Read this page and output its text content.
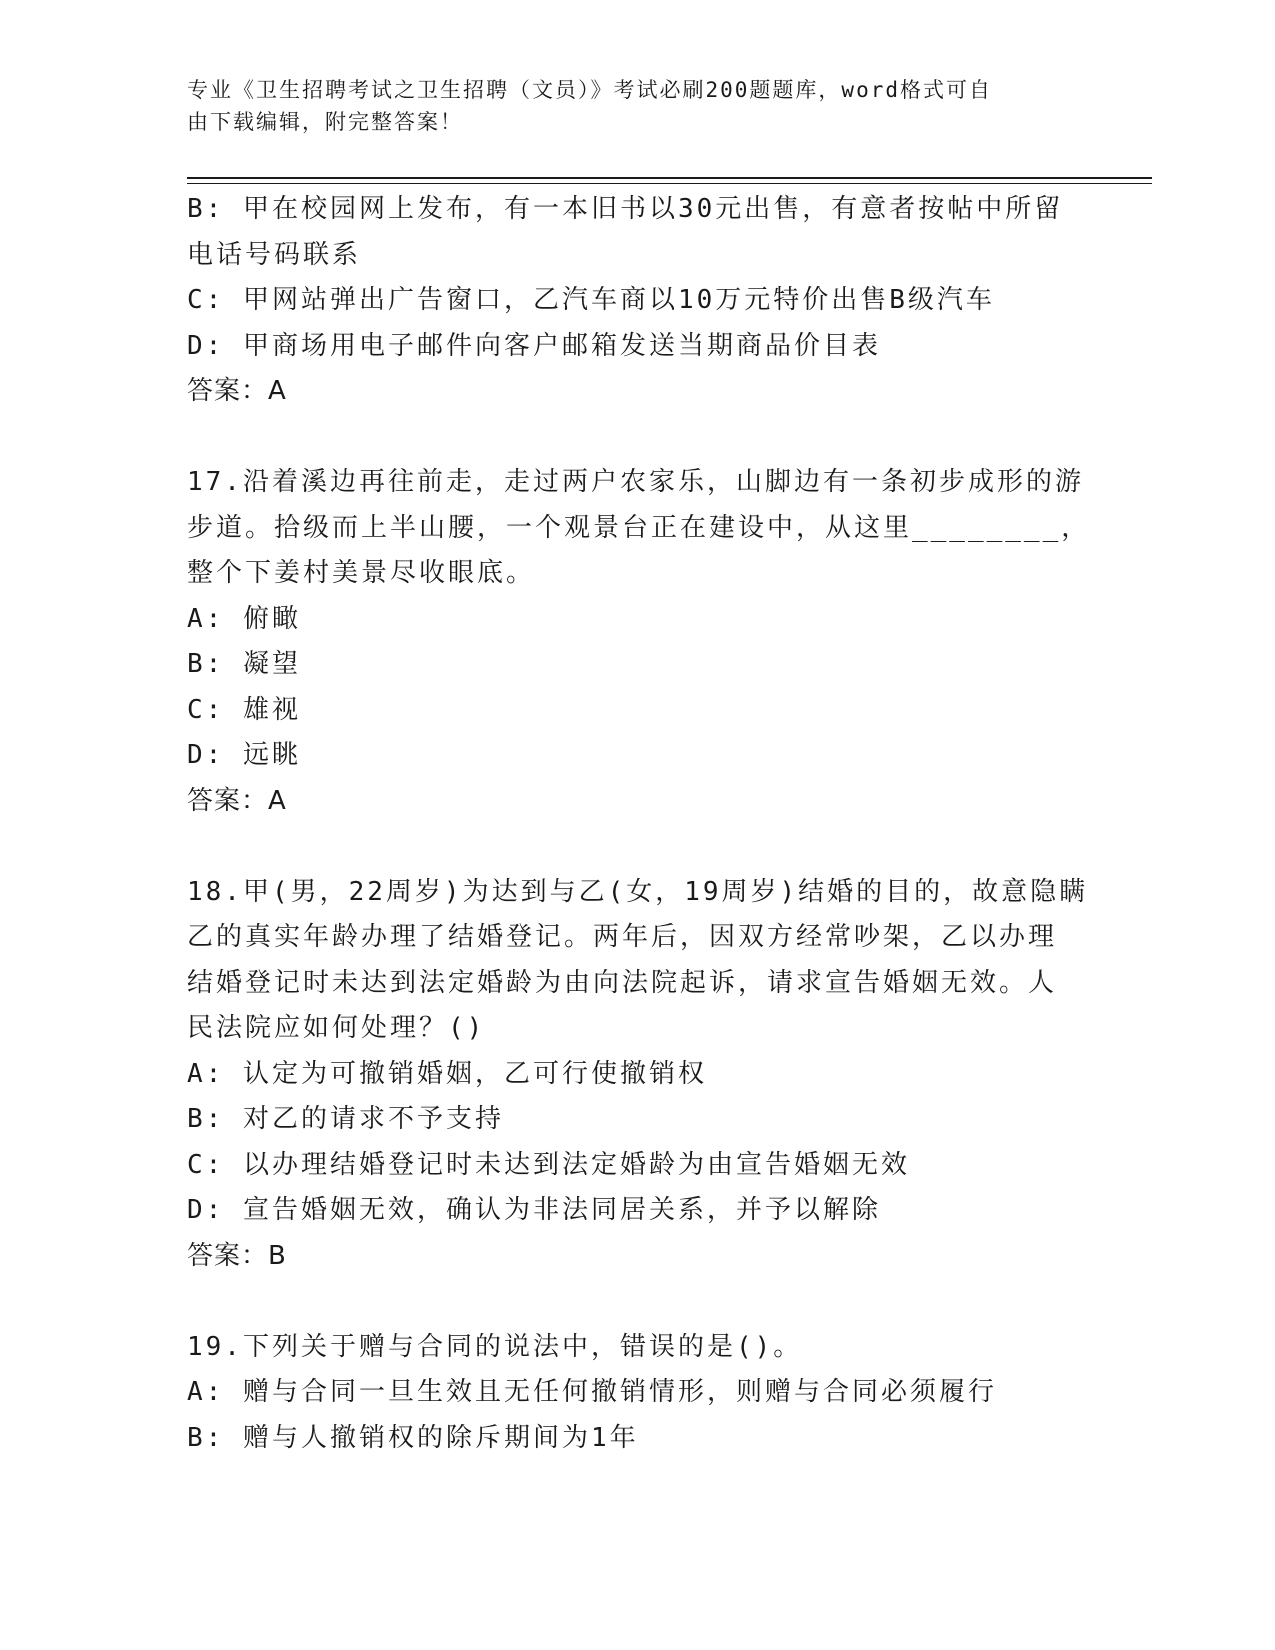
专业《卫生招聘考试之卫生招聘（文员）》考试必刷200题题库，word格式可自
由下载编辑，附完整答案！
B: 甲在校园网上发布，有一本旧书以30元出售，有意者按帖中所留
电话号码联系
C: 甲网站弹出广告窗口，乙汽车商以10万元特价出售B级汽车
D: 甲商场用电子邮件向客户邮箱发送当期商品价目表
答案：A
17.沿着溪边再往前走，走过两户农家乐，山脚边有一条初步成形的游
步道。拾级而上半山腰，一个观景台正在建设中，从这里________，
整个下姜村美景尽收眼底。
A: 俯瞰
B: 凝望
C: 雄视
D: 远眺
答案：A
18.甲(男，22周岁)为达到与乙(女，19周岁)结婚的目的，故意隐瞒
乙的真实年龄办理了结婚登记。两年后，因双方经常吵架，乙以办理
结婚登记时未达到法定婚龄为由向法院起诉，请求宣告婚姻无效。人
民法院应如何处理？()
A: 认定为可撤销婚姻，乙可行使撤销权
B: 对乙的请求不予支持
C: 以办理结婚登记时未达到法定婚龄为由宣告婚姻无效
D: 宣告婚姻无效，确认为非法同居关系，并予以解除
答案：B
19.下列关于赠与合同的说法中，错误的是()。
A: 赠与合同一旦生效且无任何撤销情形，则赠与合同必须履行
B: 赠与人撤销权的除斥期间为1年
